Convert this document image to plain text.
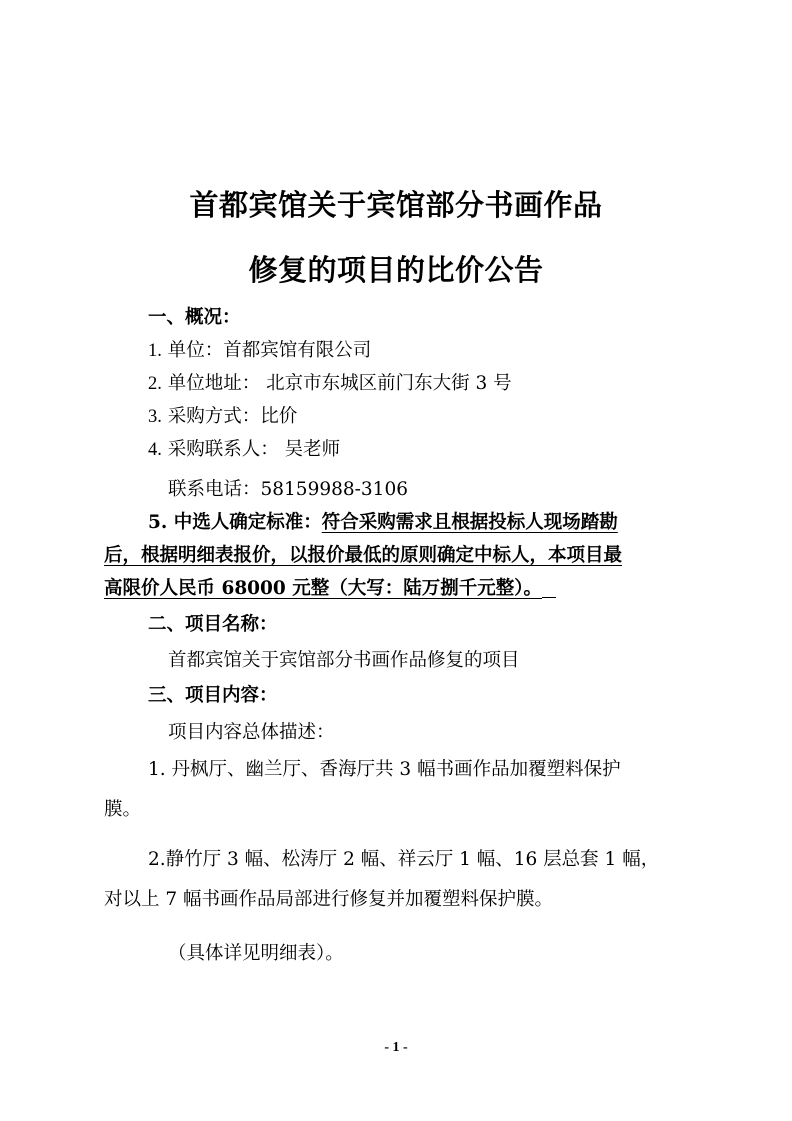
首都宾馆关于宾馆部分书画作品
修复的项目的比价公告
一、概况：
1. 单位：首都宾馆有限公司
2. 单位地址： 北京市东城区前门东大街 3 号
3. 采购方式：比价
4. 采购联系人： 吴老师
联系电话：58159988-3106
5. 中选人确定标准：符合采购需求且根据投标人现场踏勘
后，根据明细表报价，以报价最低的原则确定中标人，本项目最
高限价人民币 68000 元整（大写：陆万捌千元整）。
二、项目名称：
首都宾馆关于宾馆部分书画作品修复的项目
三、项目内容：
项目内容总体描述：
1. 丹枫厅、幽兰厅、香海厅共 3 幅书画作品加覆塑料保护
膜。
2.静竹厅 3 幅、松涛厅 2 幅、祥云厅 1 幅、16 层总套 1 幅，
对以上 7 幅书画作品局部进行修复并加覆塑料保护膜。
（具体详见明细表）。
- 1 -
